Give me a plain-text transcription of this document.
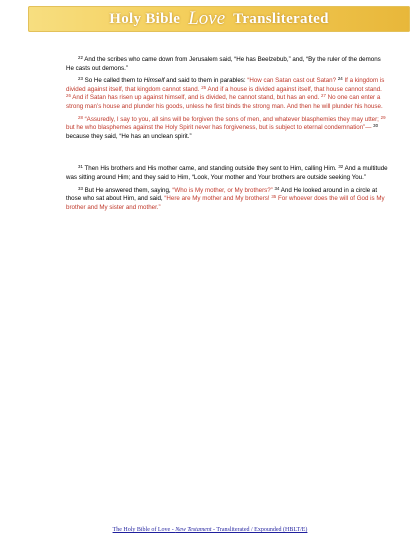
Holy Bible Love Transliterated

$^{22}$ And the scribes who came down from Jerusalem said, “He has Beelzebub,” and, “By the ruler of the demons He casts out demons.”

$^{23}$ So He called them to Himself and said to them in parables: “How can Satan cast out Satan? $^{24}$ If a kingdom is divided against itself, that kingdom cannot stand. $^{25}$ And if a house is divided against itself, that house cannot stand. $^{26}$ And if Satan has risen up against himself, and is divided, he cannot stand, but has an end. $^{27}$ No one can enter a strong man’s house and plunder his goods, unless he first binds the strong man. And then he will plunder his house.

$^{28}$ “Assuredly, I say to you, all sins will be forgiven the sons of men, and whatever blasphemies they may utter; $^{29}$ but he who blasphemes against the Holy Spirit never has forgiveness, but is subject to eternal condemnation”— $^{30}$ because they said, “He has an unclean spirit.”

$^{31}$ Then His brothers and His mother came, and standing outside they sent to Him, calling Him. $^{32}$ And a multitude was sitting around Him; and they said to Him, “Look, Your mother and Your brothers are outside seeking You.”

$^{33}$ But He answered them, saying, “Who is My mother, or My brothers?” $^{34}$ And He looked around in a circle at those who sat about Him, and said, “Here are My mother and My brothers! $^{35}$ For whoever does the will of God is My brother and My sister and mother.”

The Holy Bible of Love - New Testament - Transliterated / Expounded (HBLT/E)
